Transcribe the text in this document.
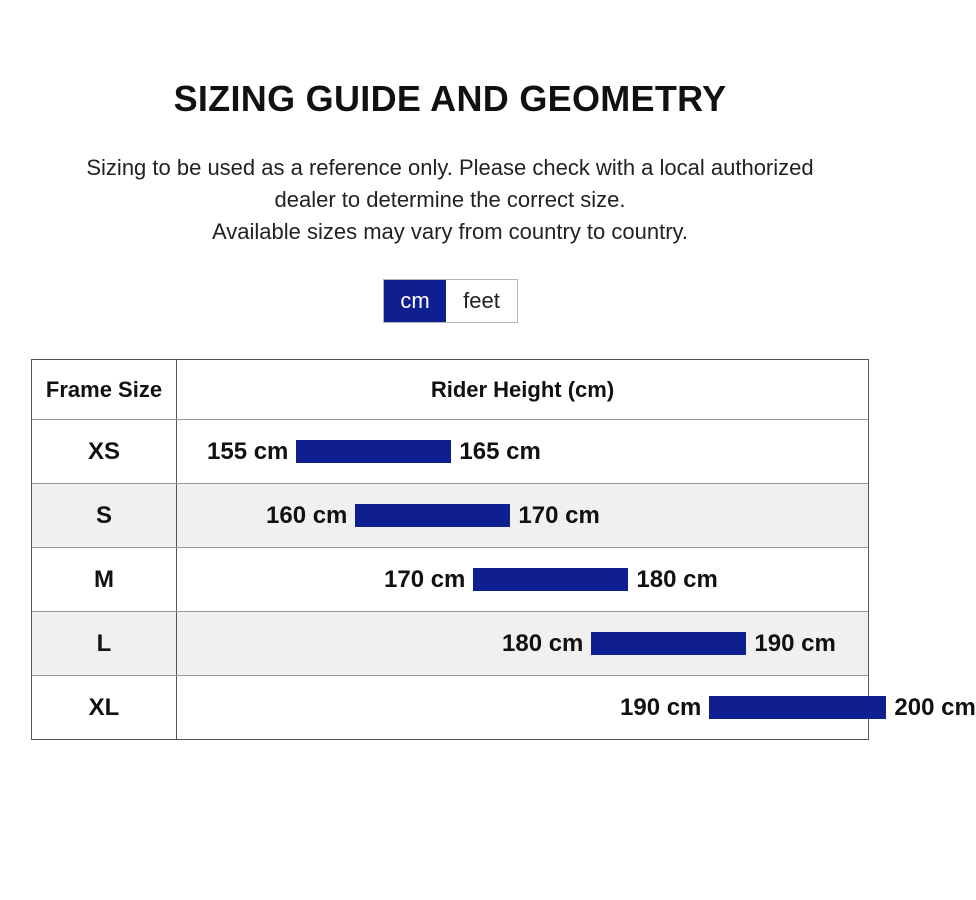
SIZING GUIDE AND GEOMETRY

Sizing to be used as a reference only. Please check with a local authorized

dealer to determine the correct size.

Available sizes may vary from country to country.

cm	feet
Frame Size	Rider Height (cm)
XS	155 cm	165 cm
S	160 cm	170 cm
M	170 cm	180 cm
L	180 cm	190 cm
XL	190 cm	200 cm
